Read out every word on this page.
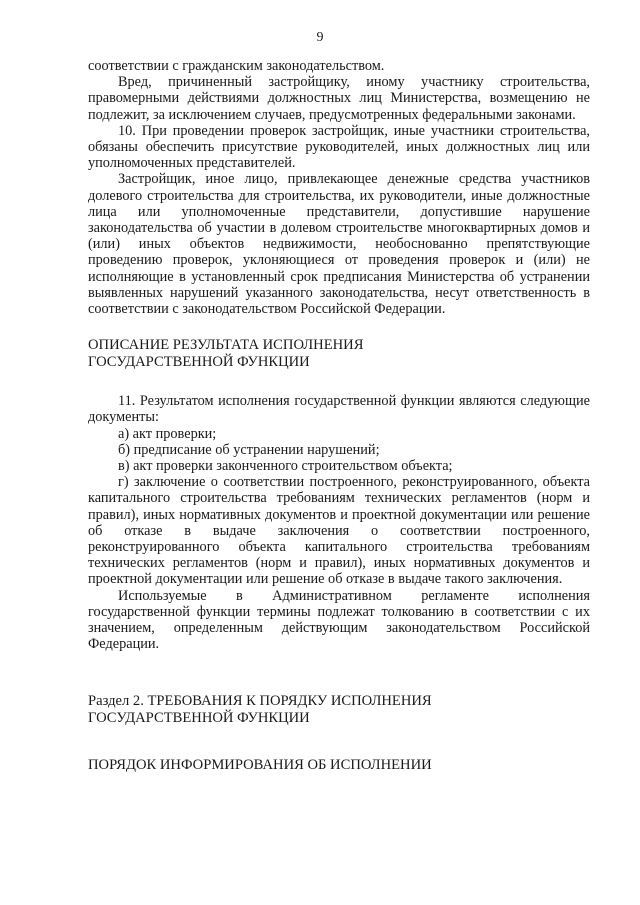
9

соответствии с гражданским законодательством.

Вред, причиненный застройщику, иному участнику строительства, правомерными действиями должностных лиц Министерства, возмещению не подлежит, за исключением случаев, предусмотренных федеральными законами.

10. При проведении проверок застройщик, иные участники строительства, обязаны обеспечить присутствие руководителей, иных должностных лиц или уполномоченных представителей.

Застройщик, иное лицо, привлекающее денежные средства участников долевого строительства для строительства, их руководители, иные должностные лица или уполномоченные представители, допустившие нарушение законодательства об участии в долевом строительстве многоквартирных домов и (или) иных объектов недвижимости, необоснованно препятствующие проведению проверок, уклоняющиеся от проведения проверок и (или) не исполняющие в установленный срок предписания Министерства об устранении выявленных нарушений указанного законодательства, несут ответственность в соответствии с законодательством Российской Федерации.

ОПИСАНИЕ РЕЗУЛЬТАТА ИСПОЛНЕНИЯ

ГОСУДАРСТВЕННОЙ ФУНКЦИИ

11. Результатом исполнения государственной функции являются следующие документы:

а) акт проверки;

б) предписание об устранении нарушений;

в) акт проверки законченного строительством объекта;

г) заключение о соответствии построенного, реконструированного, объекта капитального строительства требованиям технических регламентов (норм и правил), иных нормативных документов и проектной документации или решение об отказе в выдаче заключения о соответствии построенного, реконструированного объекта капитального строительства требованиям технических регламентов (норм и правил), иных нормативных документов и проектной документации или решение об отказе в выдаче такого заключения.

Используемые в Административном регламенте исполнения государственной функции термины подлежат толкованию в соответствии с их значением, определенным действующим законодательством Российской Федерации.

Раздел 2. ТРЕБОВАНИЯ К ПОРЯДКУ ИСПОЛНЕНИЯ

ГОСУДАРСТВЕННОЙ ФУНКЦИИ

ПОРЯДОК ИНФОРМИРОВАНИЯ ОБ ИСПОЛНЕНИИ
